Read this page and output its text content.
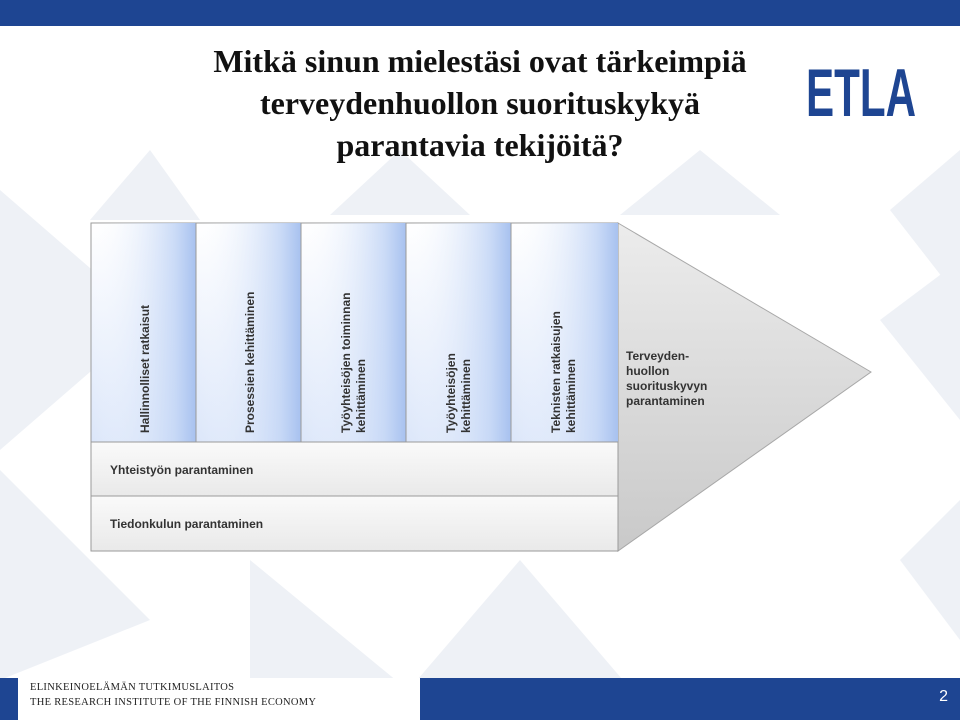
Mitkä sinun mielestäsi ovat tärkeimpiä
terveydenhuollon suorituskykyä
parantavia tekijöitä?
ETLA
Terveyden- huollon suorituskyvyn parantaminen
Hallinnolliset ratkaisut	Prosessien kehittäminen	Työyhteisöjen toiminnan kehittäminen	Työyhteisöjen kehittäminen	Teknisten ratkaisujen kehittäminen
Yhteistyön parantaminen
Tiedonkulun parantaminen
ELINKEINOELÄMÄN TUTKIMUSLAITOS
THE RESEARCH INSTITUTE OF THE FINNISH ECONOMY	2
